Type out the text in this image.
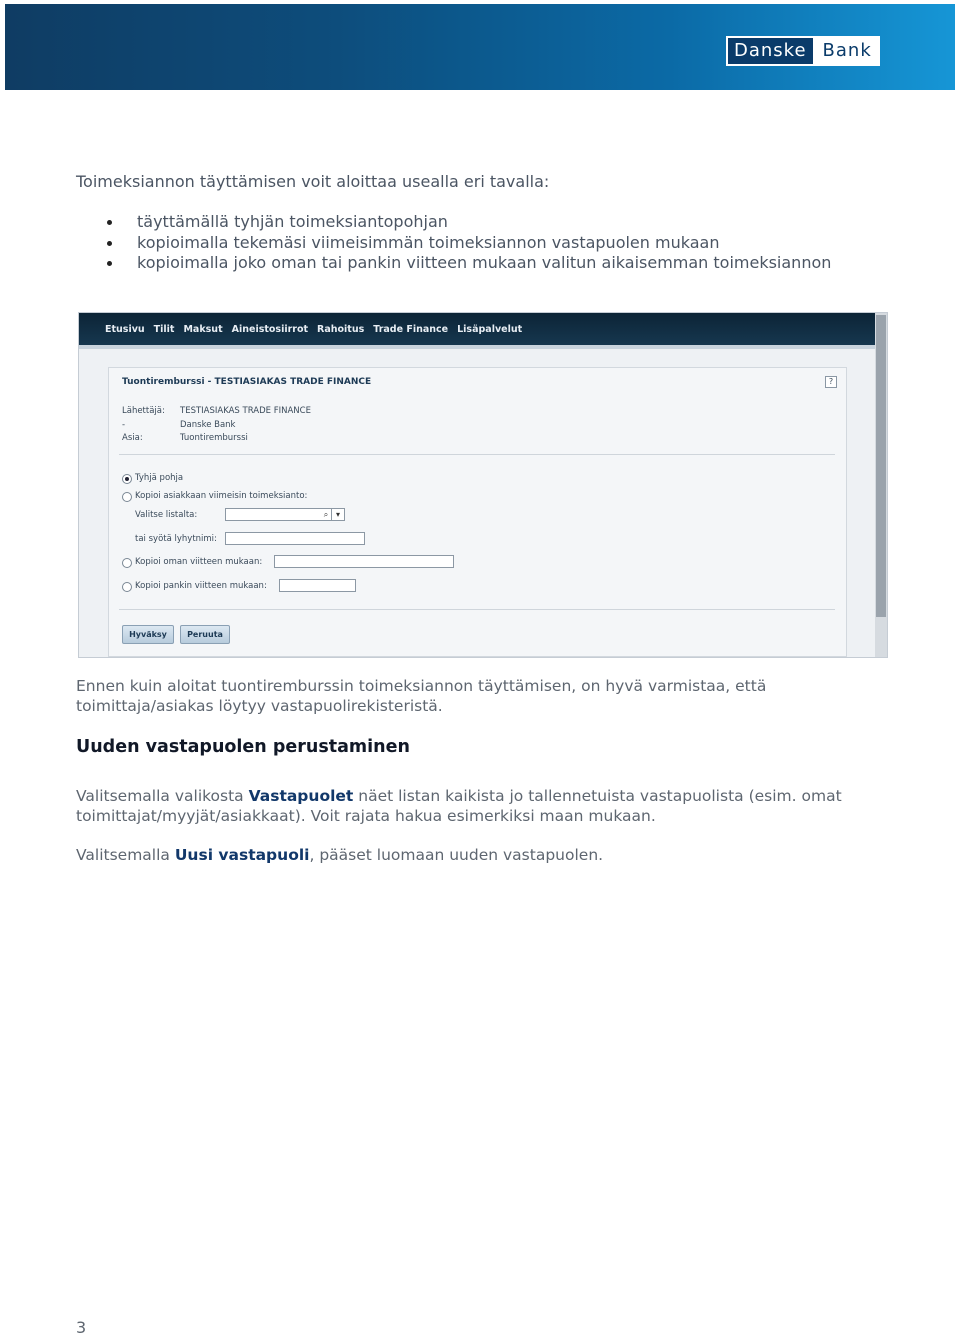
Danske Bank
Toimeksiannon täyttämisen voit aloittaa usealla eri tavalla:
täyttämällä tyhjän toimeksiantopohjan
kopioimalla tekemäsi viimeisimmän toimeksiannon vastapuolen mukaan
kopioimalla joko oman tai pankin viitteen mukaan valitun aikaisemman toimeksiannon
Etusivu Tilit Maksut Aineistosiirrot Rahoitus Trade Finance Lisäpalvelut
Tuontiremburssi - TESTIASIAKAS TRADE FINANCE	?
Lähettäjä:	TESTIASIAKAS TRADE FINANCE
-	Danske Bank
Asia:	Tuontiremburssi
Tyhjä pohja
Kopioi asiakkaan viimeisin toimeksianto:
Valitse listalta:	⌕ ▾
tai syötä lyhytnimi:
Kopioi oman viitteen mukaan:
Kopioi pankin viitteen mukaan:
Hyväksy	Peruuta

Ennen kuin aloitat tuontiremburssin toimeksiannon täyttämisen, on hyvä varmistaa, että toimittaja/asiakas löytyy vastapuolirekisteristä.

Uuden vastapuolen perustaminen

Valitsemalla valikosta Vastapuolet näet listan kaikista jo tallennetuista vastapuolista (esim. omat toimittajat/myyjät/asiakkaat). Voit rajata hakua esimerkiksi maan mukaan.

Valitsemalla Uusi vastapuoli, pääset luomaan uuden vastapuolen.

3
